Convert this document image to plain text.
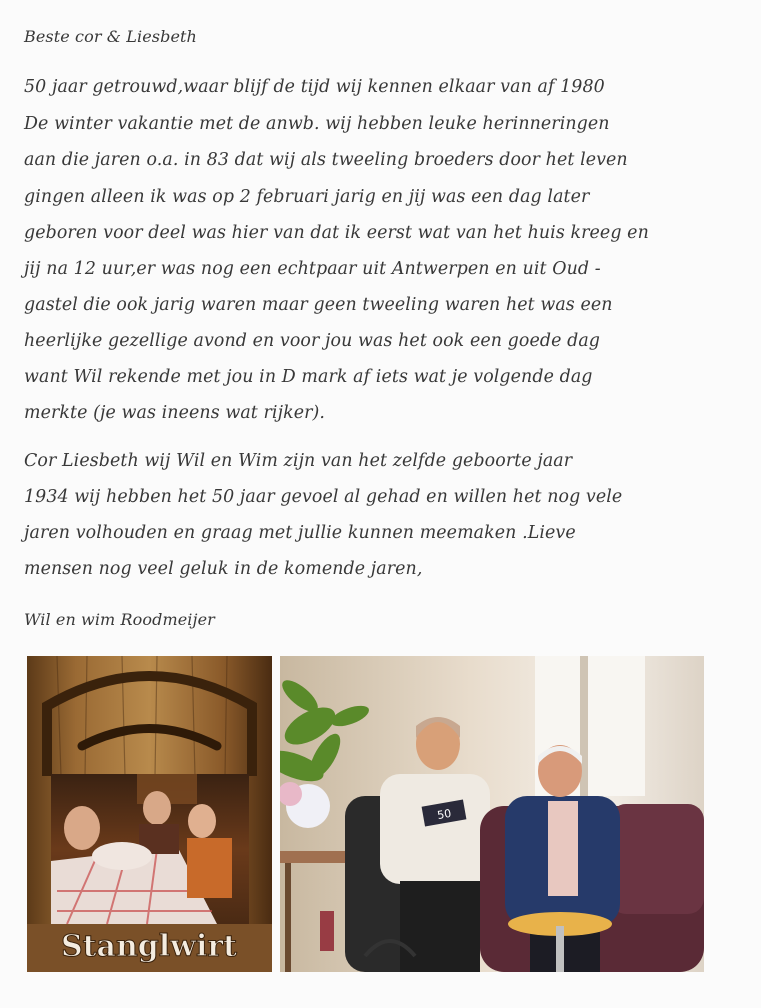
Beste cor & Liesbeth
50 jaar getrouwd,waar blijf de tijd wij kennen elkaar van af 1980
De winter vakantie met de anwb. wij hebben leuke herinneringen
aan die jaren o.a. in 83 dat wij als tweeling broeders door het leven
gingen alleen ik was op 2 februari jarig en jij was een dag later
geboren voor deel was hier van dat ik eerst wat van het huis kreeg en
jij na 12 uur,er was nog een echtpaar uit Antwerpen en uit Oud -
gastel die ook jarig waren maar geen tweeling waren het was een
heerlijke gezellige avond en voor jou was het ook een goede dag
want Wil rekende met jou in D mark af iets wat je volgende dag
merkte (je was ineens wat rijker).
Cor Liesbeth wij Wil en Wim zijn van het zelfde geboorte jaar
1934 wij hebben het 50 jaar gevoel al gehad en willen het nog vele
jaren volhouden en graag met jullie kunnen meemaken .Lieve
mensen nog veel geluk in de komende jaren,
Wil en wim Roodmeijer
Stanglwirt
50
